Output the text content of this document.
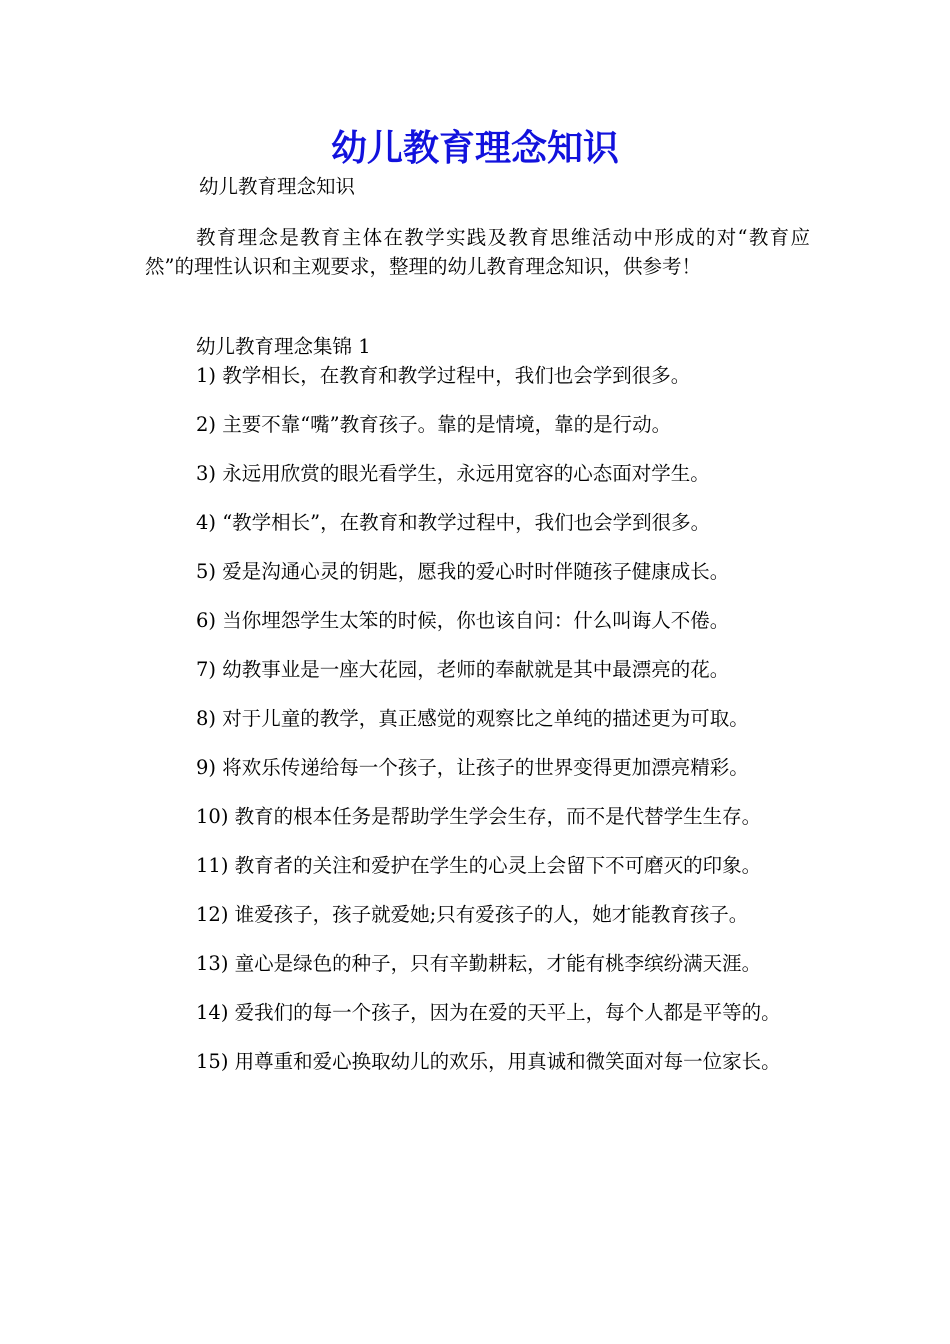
幼儿教育理念知识

幼儿教育理念知识

教育理念是教育主体在教学实践及教育思维活动中形成的对“教育应然”的理性认识和主观要求，整理的幼儿教育理念知识，供参考！

幼儿教育理念集锦 1

1) 教学相长，在教育和教学过程中，我们也会学到很多。

2) 主要不靠“嘴”教育孩子。靠的是情境，靠的是行动。

3) 永远用欣赏的眼光看学生，永远用宽容的心态面对学生。

4) “教学相长”，在教育和教学过程中，我们也会学到很多。

5) 爱是沟通心灵的钥匙，愿我的爱心时时伴随孩子健康成长。

6) 当你埋怨学生太笨的时候，你也该自问：什么叫诲人不倦。

7) 幼教事业是一座大花园，老师的奉献就是其中最漂亮的花。

8) 对于儿童的教学，真正感觉的观察比之单纯的描述更为可取。

9) 将欢乐传递给每一个孩子，让孩子的世界变得更加漂亮精彩。

10) 教育的根本任务是帮助学生学会生存，而不是代替学生生存。

11) 教育者的关注和爱护在学生的心灵上会留下不可磨灭的印象。

12) 谁爱孩子，孩子就爱她;只有爱孩子的人，她才能教育孩子。

13) 童心是绿色的种子，只有辛勤耕耘，才能有桃李缤纷满天涯。

14) 爱我们的每一个孩子，因为在爱的天平上，每个人都是平等的。

15) 用尊重和爱心换取幼儿的欢乐，用真诚和微笑面对每一位家长。
